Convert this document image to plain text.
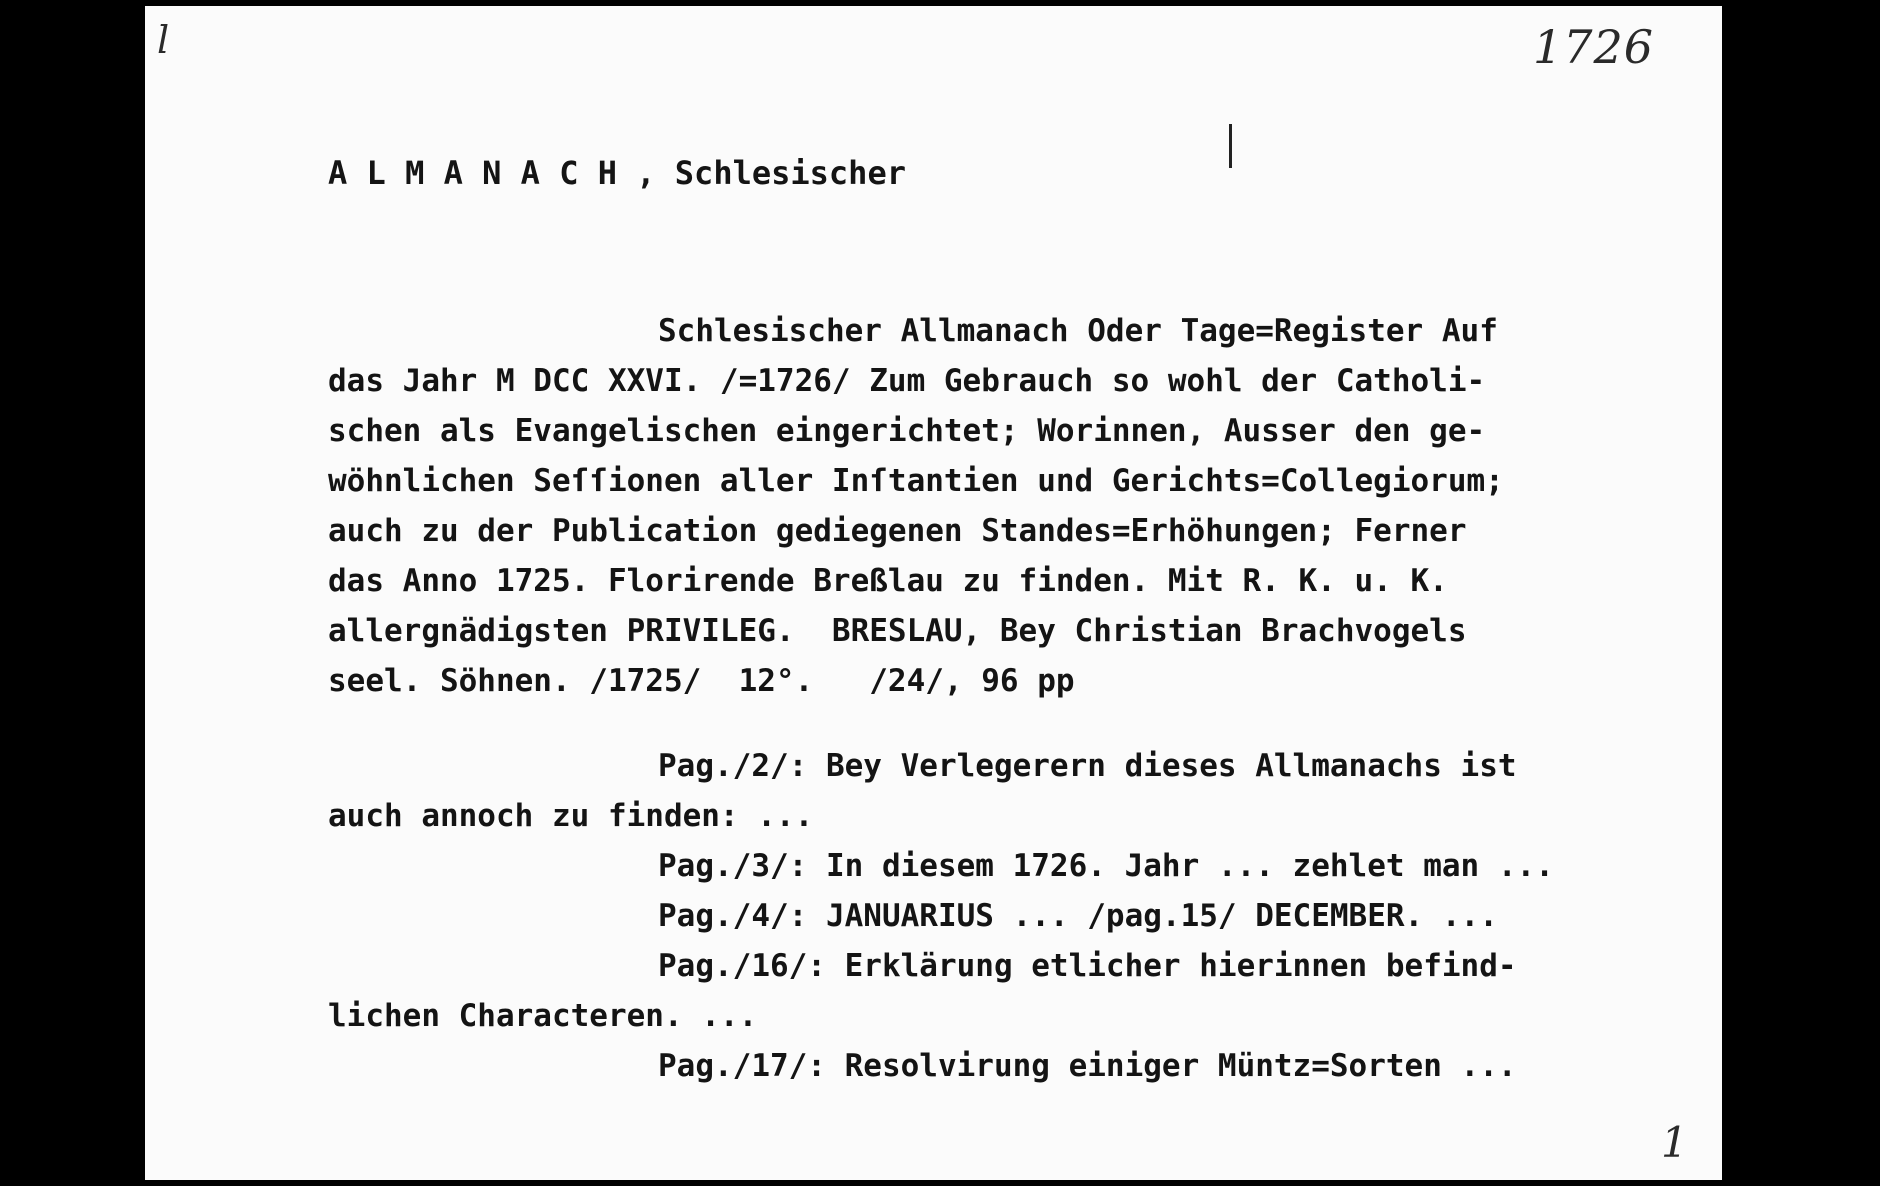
l	1726
A L M A N A C H , Schlesischer
Schlesischer Allmanach Oder Tage=Register Auf
das Jahr M DCC XXVI. /=1726/ Zum Gebrauch so wohl der Catholi-
schen als Evangelischen eingerichtet; Worinnen, Ausser den ge-
wöhnlichen Seſſionen aller Inſtantien und Gerichts=Collegiorum;
auch zu der Publication gediegenen Standes=Erhöhungen; Ferner
das Anno 1725. Florirende Breßlau zu finden. Mit R. K. u. K.
allergnädigsten PRIVILEG.  BRESLAU, Bey Christian Brachvogels
seel. Söhnen. /1725/  12°.   /24/, 96 pp
Pag./2/: Bey Verlegerern dieses Allmanachs ist
auch annoch zu finden: ...
Pag./3/: In diesem 1726. Jahr ... zehlet man ...
Pag./4/: JANUARIUS ... /pag.15/ DECEMBER. ...
Pag./16/: Erklärung etlicher hierinnen befind-
lichen Characteren. ...
Pag./17/: Resolvirung einiger Müntz=Sorten ...
1
